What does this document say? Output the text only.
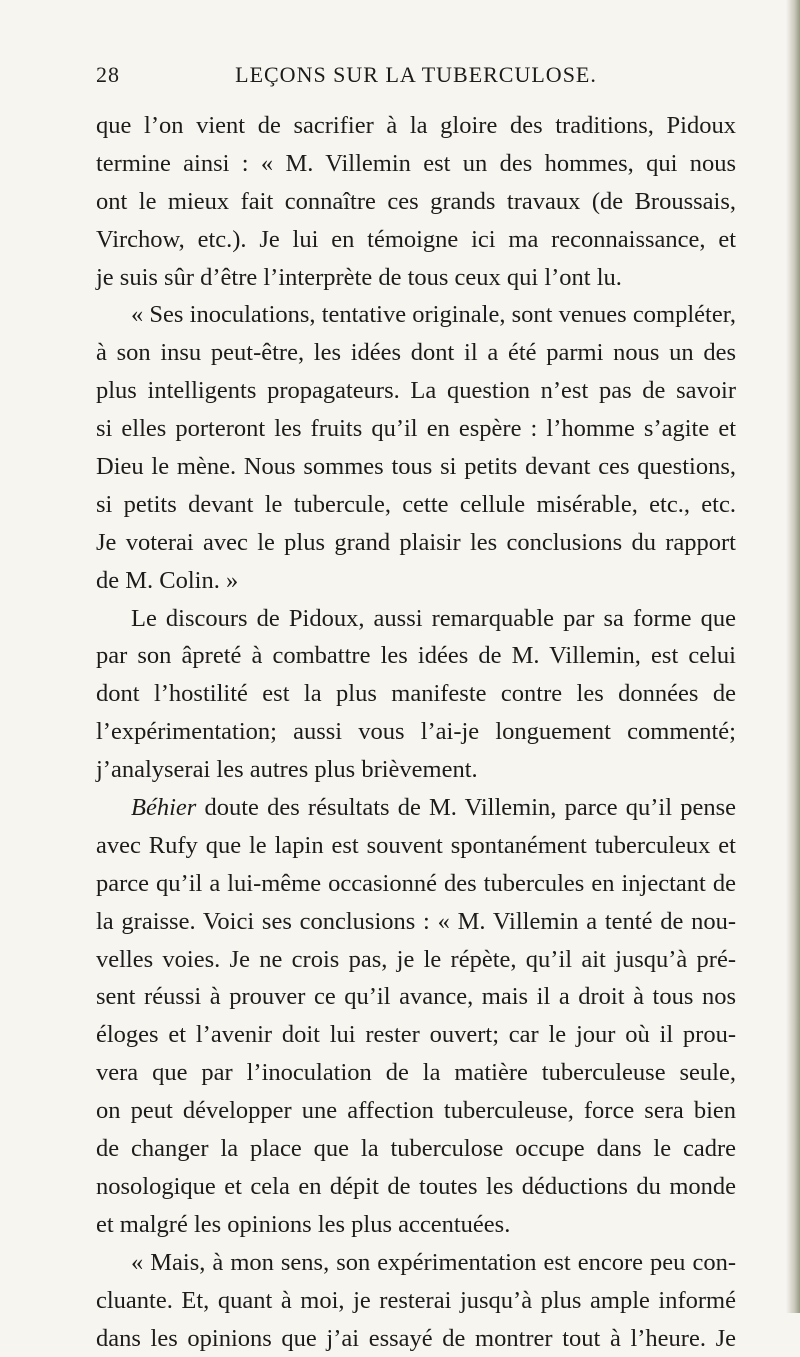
28	LEÇONS SUR LA TUBERCULOSE.
que l’on vient de sacrifier à la gloire des traditions, Pidoux
termine ainsi : « M. Villemin est un des hommes, qui nous
ont le mieux fait connaître ces grands travaux (de Broussais,
Virchow, etc.). Je lui en témoigne ici ma reconnaissance, et
je suis sûr d’être l’interprète de tous ceux qui l’ont lu.
« Ses inoculations, tentative originale, sont venues compléter,
à son insu peut-être, les idées dont il a été parmi nous un des
plus intelligents propagateurs. La question n’est pas de savoir
si elles porteront les fruits qu’il en espère : l’homme s’agite et
Dieu le mène. Nous sommes tous si petits devant ces questions,
si petits devant le tubercule, cette cellule misérable, etc., etc.
Je voterai avec le plus grand plaisir les conclusions du rapport
de M. Colin. »
Le discours de Pidoux, aussi remarquable par sa forme que
par son âpreté à combattre les idées de M. Villemin, est celui
dont l’hostilité est la plus manifeste contre les données de
l’expérimentation; aussi vous l’ai-je longuement commenté;
j’analyserai les autres plus brièvement.
Béhier doute des résultats de M. Villemin, parce qu’il pense
avec Rufy que le lapin est souvent spontanément tuberculeux et
parce qu’il a lui-même occasionné des tubercules en injectant de
la graisse. Voici ses conclusions : « M. Villemin a tenté de nou-
velles voies. Je ne crois pas, je le répète, qu’il ait jusqu’à pré-
sent réussi à prouver ce qu’il avance, mais il a droit à tous nos
éloges et l’avenir doit lui rester ouvert; car le jour où il prou-
vera que par l’inoculation de la matière tuberculeuse seule,
on peut développer une affection tuberculeuse, force sera bien
de changer la place que la tuberculose occupe dans le cadre
nosologique et cela en dépit de toutes les déductions du monde
et malgré les opinions les plus accentuées.
« Mais, à mon sens, son expérimentation est encore peu con-
cluante. Et, quant à moi, je resterai jusqu’à plus ample informé
dans les opinions que j’ai essayé de montrer tout à l’heure. Je
